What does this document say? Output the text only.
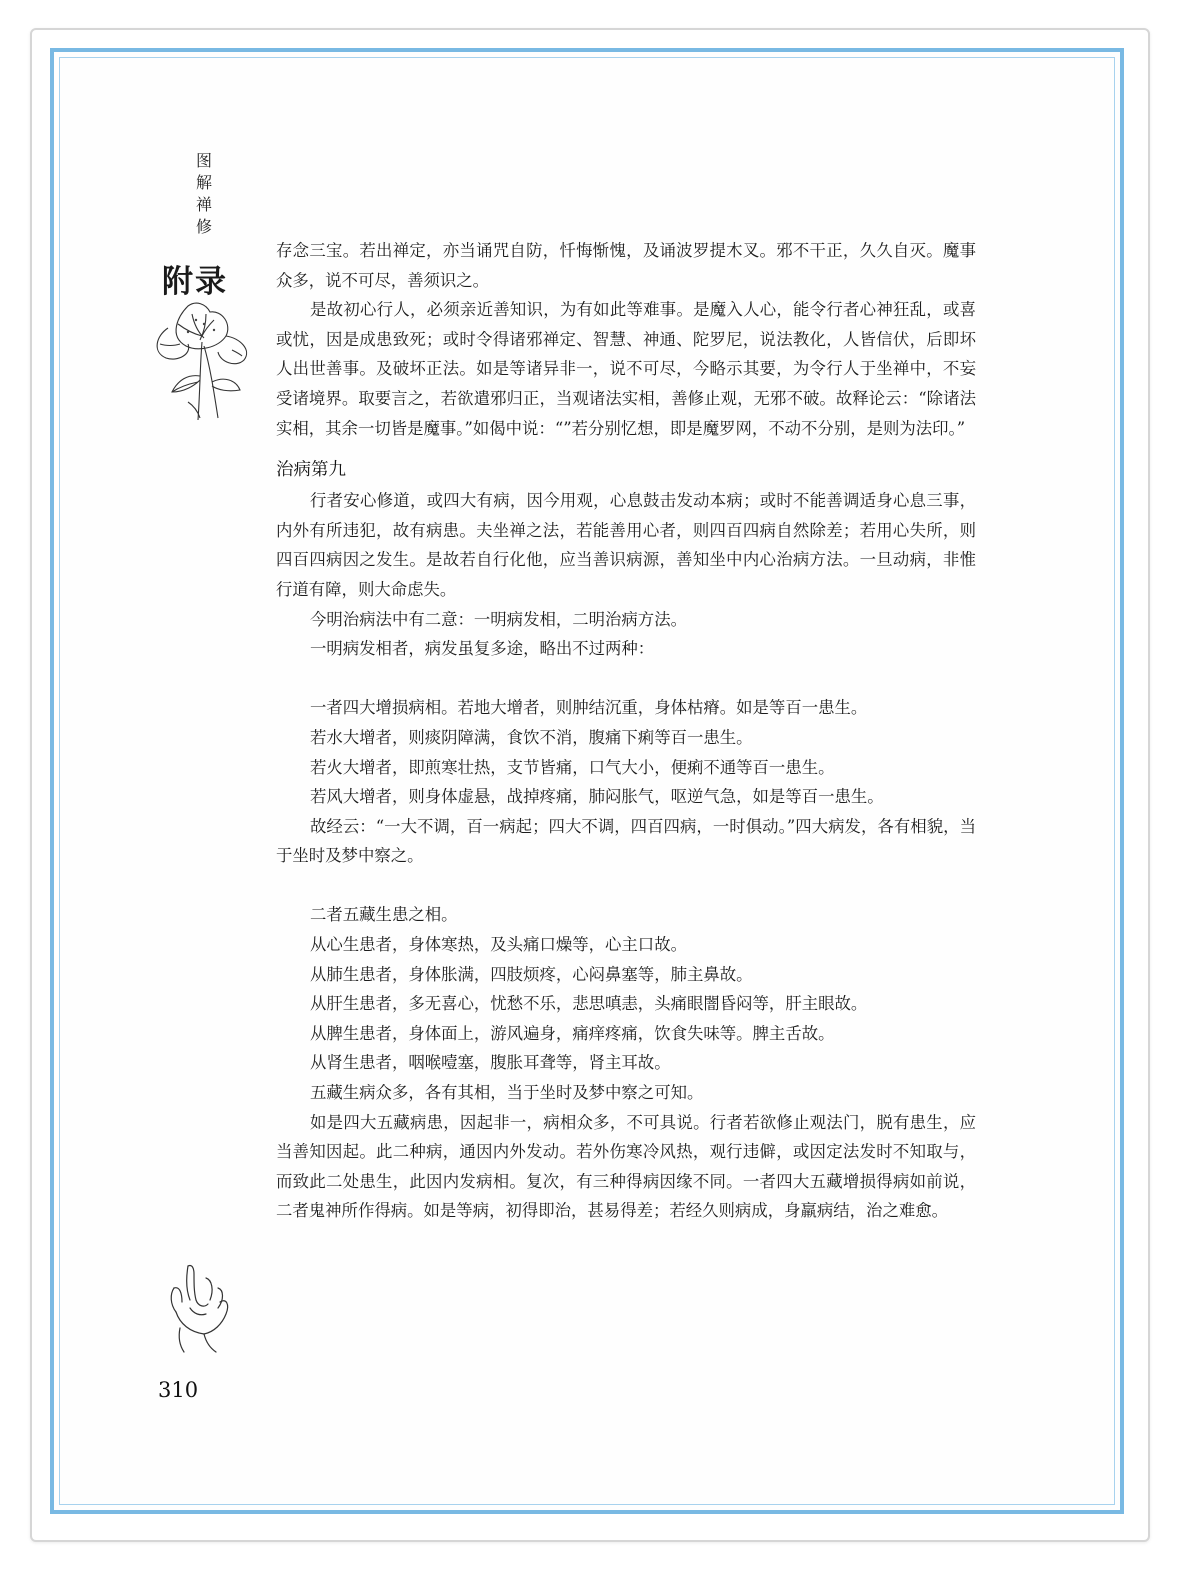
图
解
禅
修
附录

存念三宝。若出禅定，亦当诵咒自防，忏悔惭愧，及诵波罗提木叉。邪不干正，久久自灭。魔事众多，说不可尽，善须识之。

是故初心行人，必须亲近善知识，为有如此等难事。是魔入人心，能令行者心神狂乱，或喜或忧，因是成患致死；或时令得诸邪禅定、智慧、神通、陀罗尼，说法教化，人皆信伏，后即坏人出世善事。及破坏正法。如是等诸异非一，说不可尽，今略示其要，为令行人于坐禅中，不妄受诸境界。取要言之，若欲遣邪归正，当观诸法实相，善修止观，无邪不破。故释论云：“除诸法实相，其余一切皆是魔事。”如偈中说：“”若分别忆想，即是魔罗网，不动不分别，是则为法印。”

治病第九

行者安心修道，或四大有病，因今用观，心息鼓击发动本病；或时不能善调适身心息三事，内外有所违犯，故有病患。夫坐禅之法，若能善用心者，则四百四病自然除差；若用心失所，则四百四病因之发生。是故若自行化他，应当善识病源，善知坐中内心治病方法。一旦动病，非惟行道有障，则大命虑失。

今明治病法中有二意：一明病发相，二明治病方法。

一明病发相者，病发虽复多途，略出不过两种：

一者四大增损病相。若地大增者，则肿结沉重，身体枯瘠。如是等百一患生。

若水大增者，则痰阴障满，食饮不消，腹痛下痢等百一患生。

若火大增者，即煎寒壮热，支节皆痛，口气大小，便痢不通等百一患生。

若风大增者，则身体虚悬，战掉疼痛，肺闷胀气，呕逆气急，如是等百一患生。

故经云：“一大不调，百一病起；四大不调，四百四病，一时俱动。”四大病发，各有相貌，当于坐时及梦中察之。

二者五藏生患之相。

从心生患者，身体寒热，及头痛口燥等，心主口故。

从肺生患者，身体胀满，四肢烦疼，心闷鼻塞等，肺主鼻故。

从肝生患者，多无喜心，忧愁不乐，悲思嗔恚，头痛眼闇昏闷等，肝主眼故。

从脾生患者，身体面上，游风遍身，痛痒疼痛，饮食失味等。脾主舌故。

从肾生患者，咽喉噎塞，腹胀耳聋等，肾主耳故。

五藏生病众多，各有其相，当于坐时及梦中察之可知。

如是四大五藏病患，因起非一，病相众多，不可具说。行者若欲修止观法门，脱有患生，应当善知因起。此二种病，通因内外发动。若外伤寒冷风热，观行违僻，或因定法发时不知取与，而致此二处患生，此因内发病相。复次，有三种得病因缘不同。一者四大五藏增损得病如前说，二者鬼神所作得病。如是等病，初得即治，甚易得差；若经久则病成，身羸病结，治之难愈。

310
